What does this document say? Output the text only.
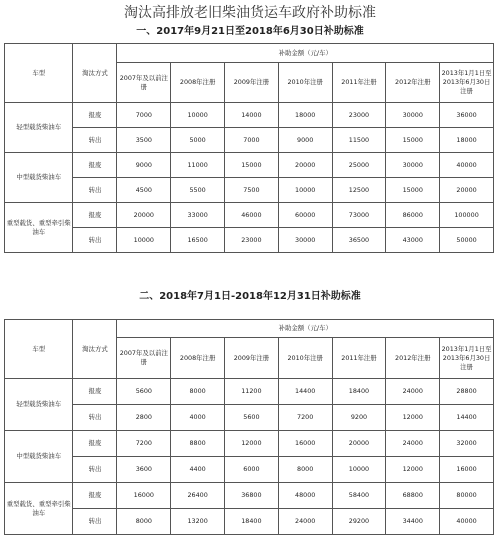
淘汰高排放老旧柴油货运车政府补助标准
一、2017年9月21日至2018年6月30日补助标准
车型	淘汰方式	补助金额（元/车）						
		2007年及以前注册	2008年注册	2009年注册	2010年注册	2011年注册	2012年注册	2013年1月1日至2013年6月30日注册
轻型载货柴油车	报废	7000	10000	14000	18000	23000	30000	36000
	转出	3500	5000	7000	9000	11500	15000	18000
中型载货柴油车	报废	9000	11000	15000	20000	25000	30000	40000
	转出	4500	5500	7500	10000	12500	15000	20000
重型载货、重型牵引柴油车	报废	20000	33000	46000	60000	73000	86000	100000
	转出	10000	16500	23000	30000	36500	43000	50000
二、2018年7月1日-2018年12月31日补助标准
车型	淘汰方式	补助金额（元/车）						
		2007年及以前注册	2008年注册	2009年注册	2010年注册	2011年注册	2012年注册	2013年1月1日至2013年6月30日注册
轻型载货柴油车	报废	5600	8000	11200	14400	18400	24000	28800
	转出	2800	4000	5600	7200	9200	12000	14400
中型载货柴油车	报废	7200	8800	12000	16000	20000	24000	32000
	转出	3600	4400	6000	8000	10000	12000	16000
重型载货、重型牵引柴油车	报废	16000	26400	36800	48000	58400	68800	80000
	转出	8000	13200	18400	24000	29200	34400	40000
